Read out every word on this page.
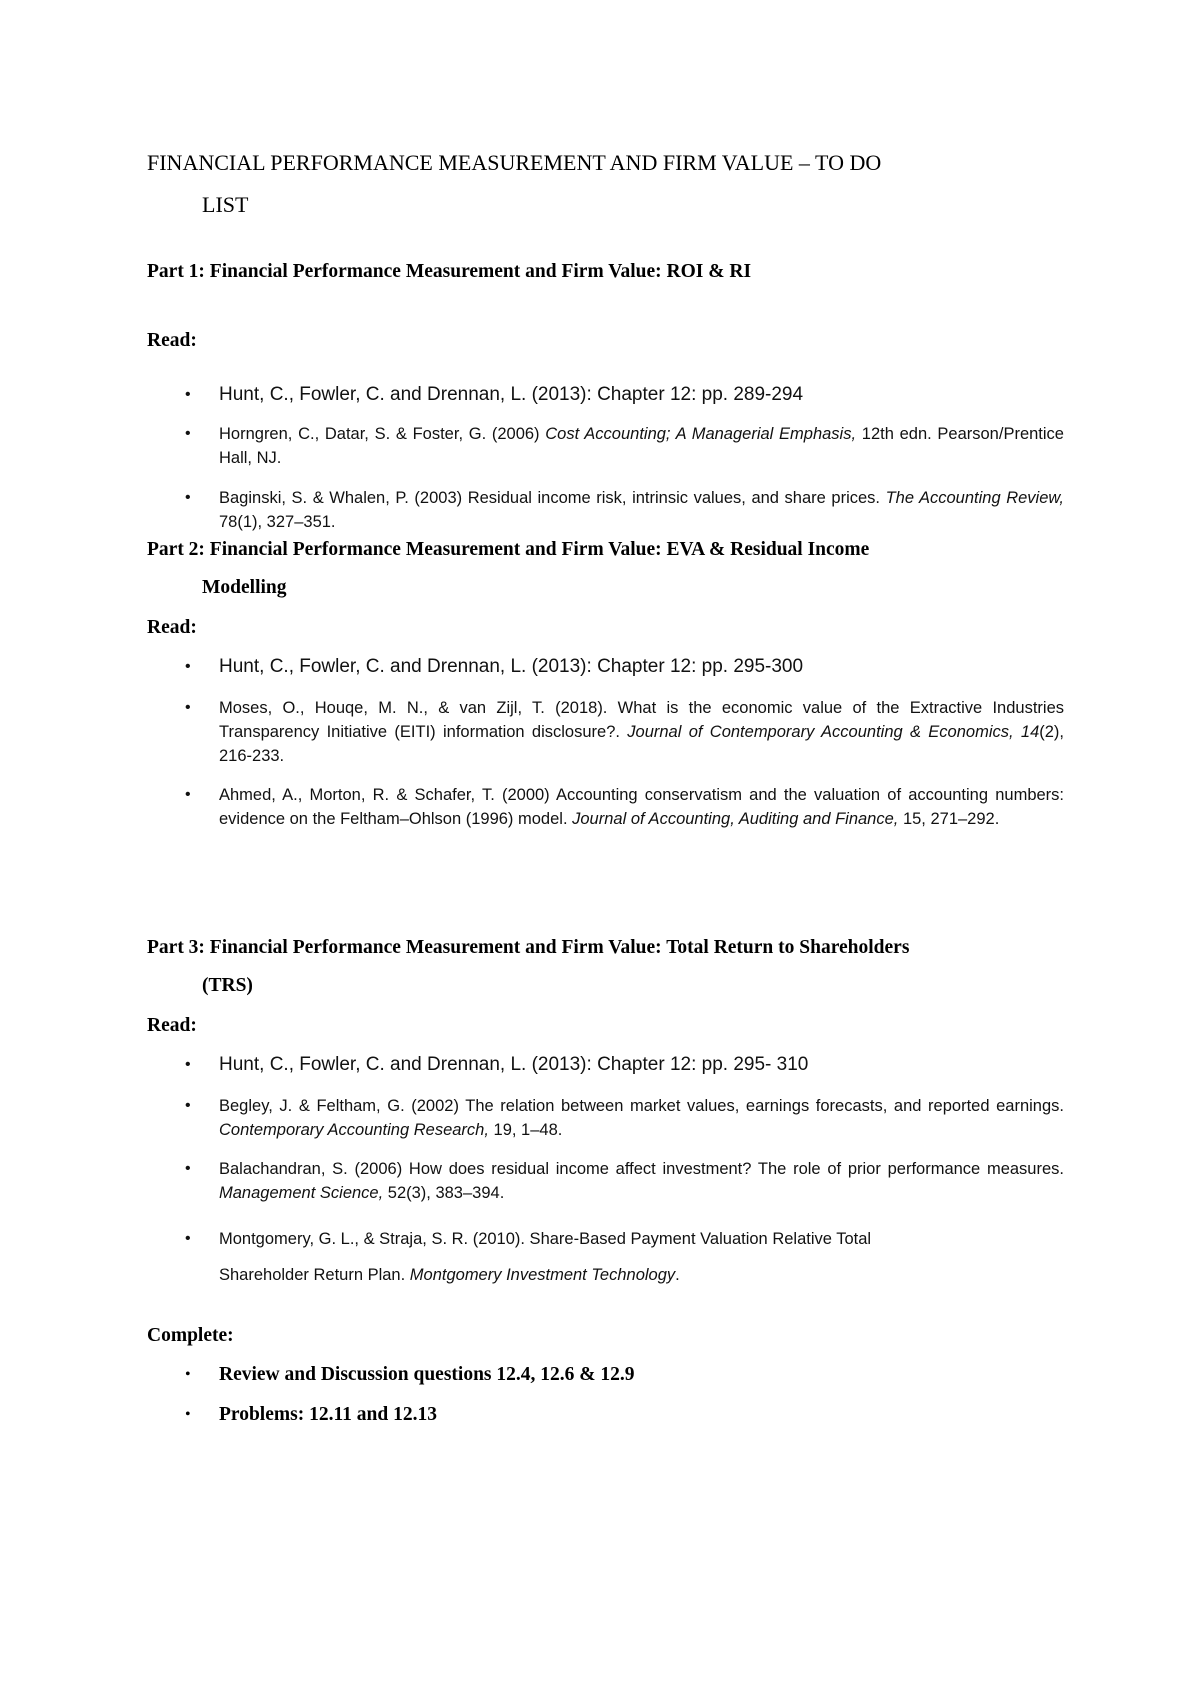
FINANCIAL PERFORMANCE MEASUREMENT AND FIRM VALUE – TO DO
LIST
Part 1: Financial Performance Measurement and Firm Value: ROI & RI

Read:

• Hunt, C., Fowler, C. and Drennan, L. (2013): Chapter 12: pp. 289-294
• Horngren, C., Datar, S. & Foster, G. (2006) Cost Accounting; A Managerial Emphasis, 12th edn. Pearson/Prentice Hall, NJ.
• Baginski, S. & Whalen, P. (2003) Residual income risk, intrinsic values, and share prices. The Accounting Review, 78(1), 327–351.
Part 2: Financial Performance Measurement and Firm Value: EVA & Residual Income
Modelling

Read:

• Hunt, C., Fowler, C. and Drennan, L. (2013): Chapter 12: pp. 295-300
• Moses, O., Houqe, M. N., & van Zijl, T. (2018). What is the economic value of the Extractive Industries Transparency Initiative (EITI) information disclosure?. Journal of Contemporary Accounting & Economics, 14(2), 216-233.
• Ahmed, A., Morton, R. & Schafer, T. (2000) Accounting conservatism and the valuation of accounting numbers: evidence on the Feltham–Ohlson (1996) model. Journal of Accounting, Auditing and Finance, 15, 271–292.
Part 3: Financial Performance Measurement and Firm Value: Total Return to Shareholders
(TRS)

Read:

• Hunt, C., Fowler, C. and Drennan, L. (2013): Chapter 12: pp. 295- 310
• Begley, J. & Feltham, G. (2002) The relation between market values, earnings forecasts, and reported earnings. Contemporary Accounting Research, 19, 1–48.
• Balachandran, S. (2006) How does residual income affect investment? The role of prior performance measures. Management Science, 52(3), 383–394.
• Montgomery, G. L., & Straja, S. R. (2010). Share-Based Payment Valuation Relative Total
Shareholder Return Plan. Montgomery Investment Technology.

Complete:

• Review and Discussion questions 12.4, 12.6 & 12.9
• Problems: 12.11 and 12.13
